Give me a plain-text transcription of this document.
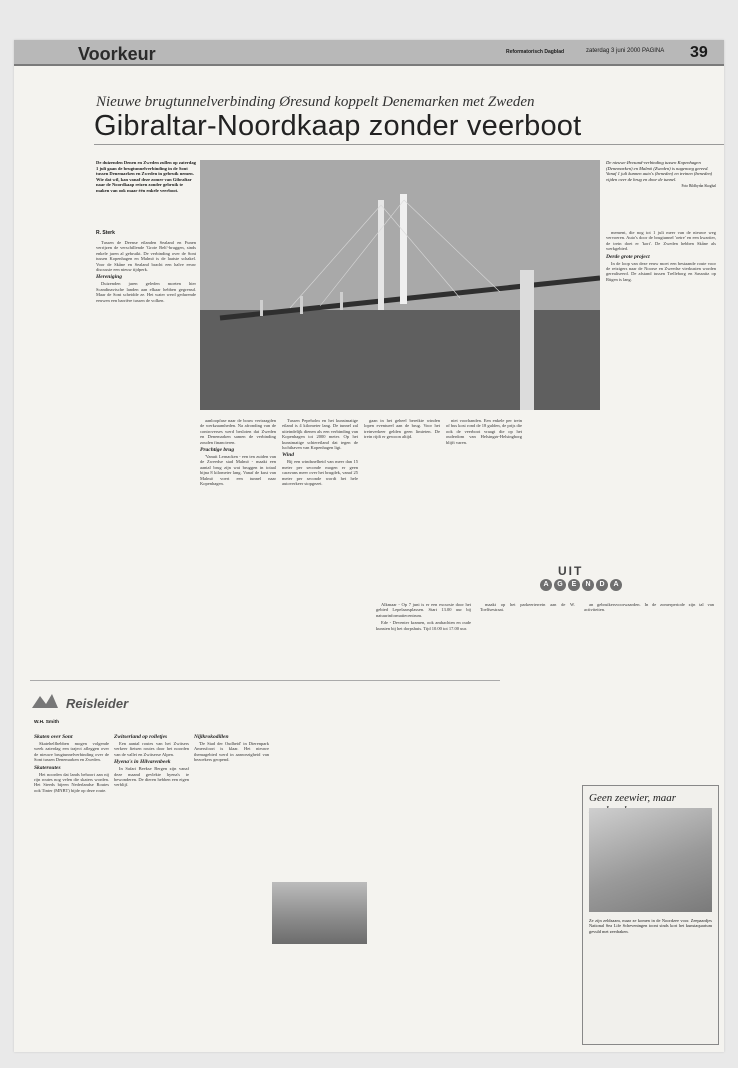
Voorkeur	Reformatorisch Dagblad	zaterdag 3 juni 2000 PAGINA 39
Nieuwe brugtunnelverbinding Øresund koppelt Denemarken met Zweden
Gibraltar-Noordkaap zonder veerboot
De duizenden Denen en Zweden zullen op zaterdag 1 juli gaan de brugtunnelverbinding in de Sont tussen Denemarken en Zweden in gebruik nemen. Wie dat wil, kan vanaf deze zomer van Gibraltar naar de Noordkaap reizen zonder gebruik te maken van ook maar één enkele veerboot.
R. Sterk

Tussen de Deense eilanden Sealand en Funen verrijzen de verschillende 'Grote Belt'-bruggen, sinds enkele jaren al gebruikt. De verbinding over de Sont tussen Kopenhagen en Malmö is de laatste schakel. Voor de Skåne en Sealand bracht een halve eeuw discussie een nieuw tijdperk.

Hereniging

Duizenden jaren geleden moeten hier Scandinavische landen aan elkaar hebben gegrensd. Maar de Sont scheidde ze. Het water werd gedurende eeuwen een barrière tussen de volken.

De nieuwe Øresund-verbinding tussen Kopenhagen (Denemarken) en Malmö (Zweden) is nagenoeg gereed. Vanaf 1 juli kunnen auto's (beneden) en treinen (beneden) vijden over de brug en door de tunnel.
Foto Bildbyrån Skoghal

mement, die nog tot 1 juli meer van de nieuwe weg vervoeren. Auto's door de brugtunnel 'oetre' en een kwartier, de trein doet er 'kort'. De Zweden hebben Skåne als werkgebied.

Derde grote project

In de loop van deze eeuw moet een bestaande route voor de reizigers naar de Noorse en Zweedse vierkusten worden gerealiseerd. De afstand tussen Trelleborg en Sassnitz op Rügen is lang.

aanloopfase naar de bouw vertraagden de werkzaamheden. Na afronding van de controverses werd besloten dat Zweden en Denemarken samen de verbinding zouden financieren.

Prachtige brug

'Vanuit Lernacken - een ten zuiden van de Zweedse stad Malmö - maakt een aantal brug zijn wat bruggen in totaal bijna 8 kilometer lang. Vanaf de kust van Malmö voert een tunnel naar Kopenhagen.

Tussen Pepeholm en het kunstmatige eiland is 4 kilometer lang. De tunnel zal uiteindelijk dienen als een verbinding van Kopenhagen tot 2000 meter. Op het kunstmatige schiereiland dat tegen de luchthaven van Kopenhagen ligt.

Wind

Bij een windsnelheid van meer dan 15 meter per seconde mogen er geen caravans meer over het brugdek, vanaf 25 meter per seconde wordt het hele autoverkeer stopgezet.

gaan in het geheel bereikte winden lopen eventueel aan de brug. Voor het treinverkeer gelden geen limieten. De trein rijdt er gewoon altijd.

niet voorhanden. Een enkele per trein of bus kost rond de 18 gulden, de prijs die ook de veerboot vraagt die op het ouderdom van Helsingør-Helsingborg blijft varen.

Reisleider
W.H. Smith
Skaten over Sont

Skatehelfhebben mogen volgende week zaterdag een traject afleggen over de nieuwe brugtunnelverbinding over de Sont tussen Denemarken en Zweden.

Skateroutes

Het noorden dat lands behoort aan nij rijn routes nog velen die skaters worden. Het Steeds bijeen Nederlandse Routes ook Tinter (MNBT) bijde op deze route.

Zwitserland op rolletjes

Een aantal routes van het Zwitsers verkeer fietsen routes door het noorden van de vallei en Zwitserse Alpen.

Hyena's in Hilvarenbeek

In Safari Beekse Bergen zijn vanaf deze maand gevlekte hyena's te bewonderen. De dieren hebben een eigen verblijf.

Nijlkrokodillen

'De Stad der Oudheid' in Dierenpark Amersfoort is klaar. Het nieuwe themagebied werd in aanwezigheid van bezoekers geopend.

UIT
A	G	E	N	D	A

Alkmaar - Op 7 juni is er een excursie door het gebied Lepelaarsplassen. Start 13.00 uur bij natuurinformatiecentrum.

Ede - Deventer kramen, ook ambachten en oude kunsten bij het dorpshuis. Tijd 10.00 tot 17.00 uur.

maakt op het parkeerterrein aan de W. Toelfsestraat.

an gebruikersvoorwaarden. In de zomerperiode zijn tal van activiteiten.

Geen zeewier, maar
Ze zijn zeldzaam, maar ze komen in de Noordzee voor. Zeepaardjes National Sea Life Scheveningen toont sinds kort het kunstaquarium gevuld met zeedraken.
